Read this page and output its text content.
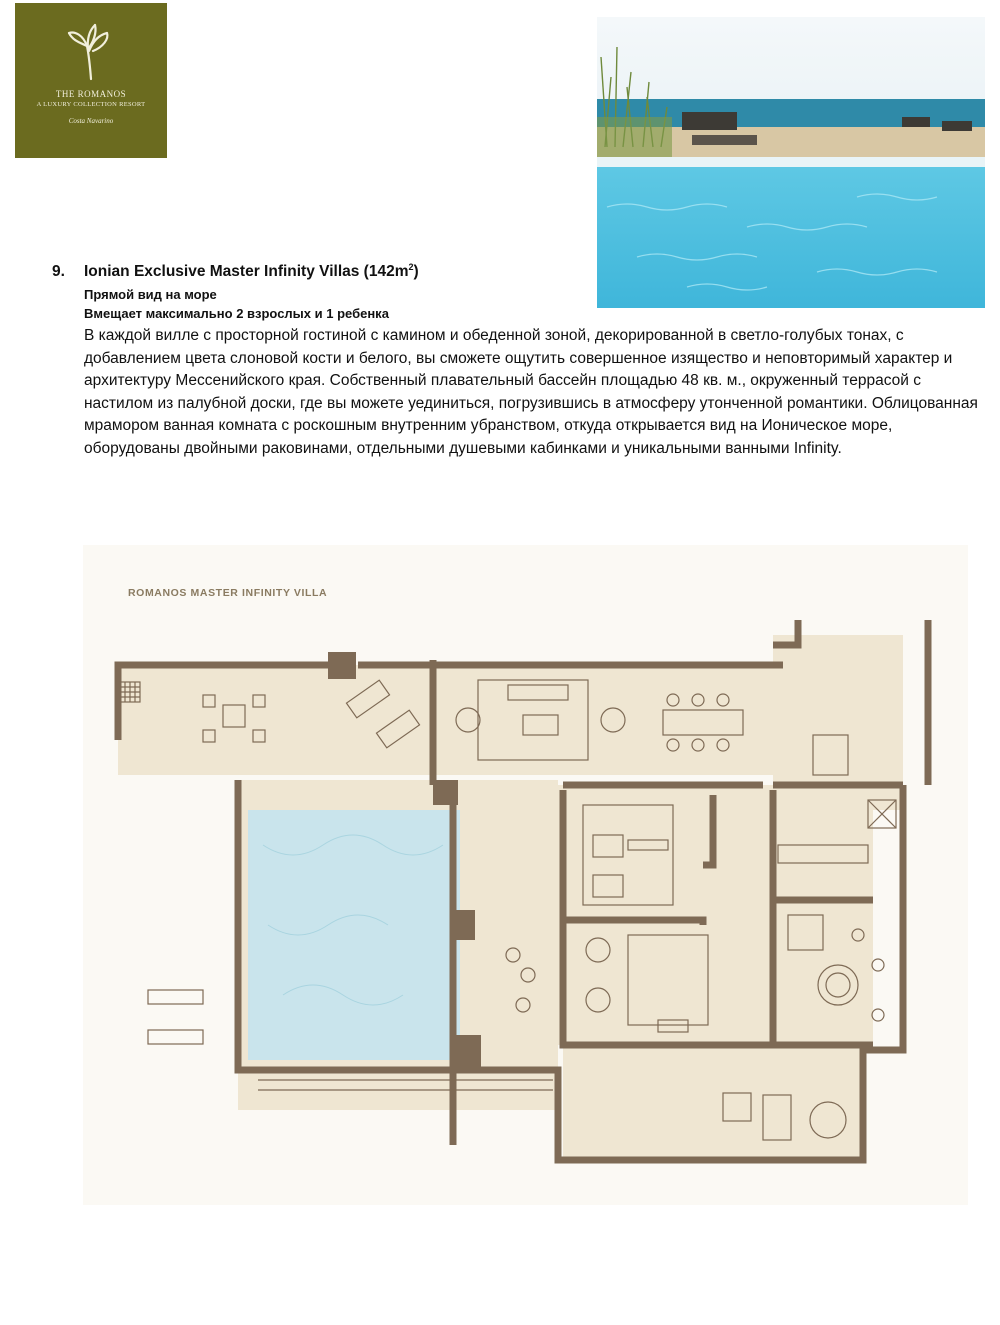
THE ROMANOS
A LUXURY COLLECTION RESORT
Costa Navarino
9. Ionian Exclusive Master Infinity Villas $(142m^2)$
Прямой вид на море
Вмещает максимально 2 взрослых и 1 ребенка

В каждой вилле с просторной гостиной с камином и обеденной зоной, декорированной в светло-голубых тонах, с добавлением цвета слоновой кости и белого, вы сможете ощутить совершенное изящество и неповторимый характер и архитектуру Мессенийского края. Собственный плавательный бассейн площадью 48 кв. м., окруженный террасой с настилом из палубной доски, где вы можете уединиться, погрузившись в атмосферу утонченной романтики. Облицованная мрамором ванная комната с роскошным внутренним убранством, откуда открывается вид на Ионическое море, оборудованы двойными раковинами, отдельными душевыми кабинками и уникальными ванными Infinity.

ROMANOS MASTER INFINITY VILLA
